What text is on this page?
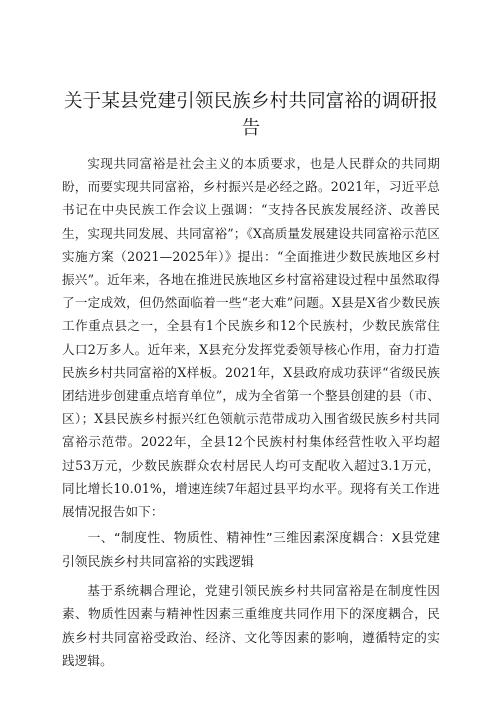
关于某县党建引领民族乡村共同富裕的调研报告

实现共同富裕是社会主义的本质要求，也是人民群众的共同期盼，而要实现共同富裕，乡村振兴是必经之路。2021年，习近平总书记在中央民族工作会议上强调：“支持各民族发展经济、改善民生，实现共同发展、共同富裕”；《X高质量发展建设共同富裕示范区实施方案（2021—2025年）》提出：“全面推进少数民族地区乡村振兴”。近年来，各地在推进民族地区乡村富裕建设过程中虽然取得了一定成效，但仍然面临着一些“老大难”问题。X县是X省少数民族工作重点县之一，全县有1个民族乡和12个民族村，少数民族常住人口2万多人。近年来，X县充分发挥党委领导核心作用，奋力打造民族乡村共同富裕的X样板。2021年，X县政府成功获评“省级民族团结进步创建重点培育单位”，成为全省第一个整县创建的县（市、区）；X县民族乡村振兴红色领航示范带成功入围省级民族乡村共同富裕示范带。2022年，全县12个民族村村集体经营性收入平均超过53万元，少数民族群众农村居民人均可支配收入超过3.1万元，同比增长10.01%，增速连续7年超过县平均水平。现将有关工作进展情况报告如下：

一、“制度性、物质性、精神性”三维因素深度耦合：X县党建引领民族乡村共同富裕的实践逻辑

基于系统耦合理论，党建引领民族乡村共同富裕是在制度性因素、物质性因素与精神性因素三重维度共同作用下的深度耦合，民族乡村共同富裕受政治、经济、文化等因素的影响，遵循特定的实践逻辑。
